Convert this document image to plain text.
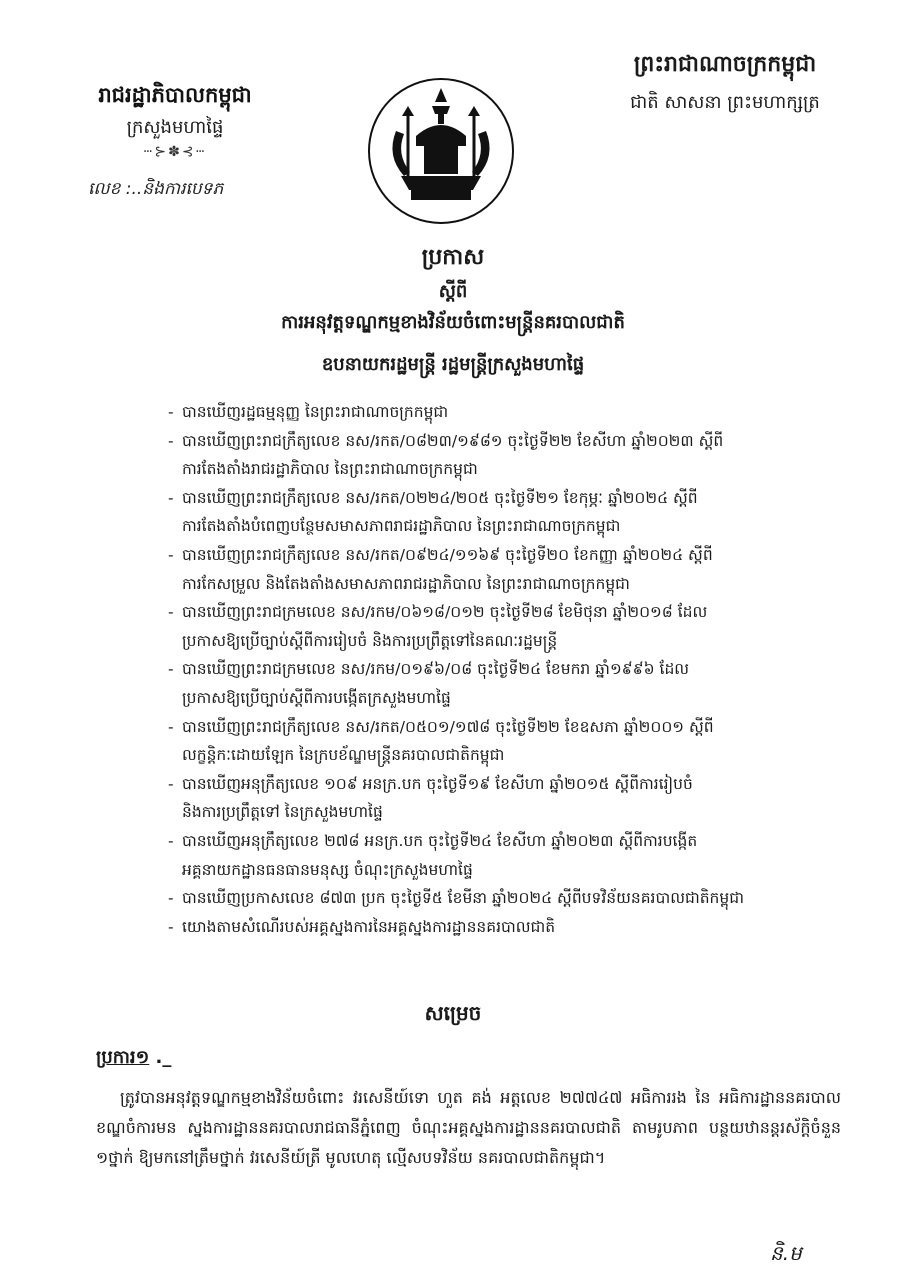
រាជរដ្ឋាភិបាលកម្ពុជា
ក្រសួងមហាផ្ទៃ
ⵈ⊱✽⊰ⵈ
លេខ :..និងការបេទភ
ព្រះរាជាណាចក្រកម្ពុជា
ជាតិ សាសនា ព្រះមហាក្សត្រ
ប្រកាស
ស្តីពី
ការអនុវត្តទណ្ឌកម្មខាងវិន័យចំពោះមន្ត្រីនគរបាលជាតិ
ឧបនាយករដ្ឋមន្ត្រី រដ្ឋមន្ត្រីក្រសួងមហាផ្ទៃ
- បានឃើញរដ្ឋធម្មនុញ្ញ នៃព្រះរាជាណាចក្រកម្ពុជា
- បានឃើញព្រះរាជក្រឹត្យលេខ នស/រកត/០៨២៣/១៩៨១ ចុះថ្ងៃទី២២ ខែសីហា ឆ្នាំ២០២៣ ស្តីពី
ការតែងតាំងរាជរដ្ឋាភិបាល នៃព្រះរាជាណាចក្រកម្ពុជា
- បានឃើញព្រះរាជក្រឹត្យលេខ នស/រកត/០២២៤/២០៥ ចុះថ្ងៃទី២១ ខែកុម្ភៈ ឆ្នាំ២០២៤ ស្តីពី
ការតែងតាំងបំពេញបន្ថែមសមាសភាពរាជរដ្ឋាភិបាល នៃព្រះរាជាណាចក្រកម្ពុជា
- បានឃើញព្រះរាជក្រឹត្យលេខ នស/រកត/០៩២៤/១១៦៩ ចុះថ្ងៃទី២០ ខែកញ្ញា ឆ្នាំ២០២៤ ស្តីពី
ការកែសម្រួល និងតែងតាំងសមាសភាពរាជរដ្ឋាភិបាល នៃព្រះរាជាណាចក្រកម្ពុជា
- បានឃើញព្រះរាជក្រមលេខ នស/រកម/០៦១៨/០១២ ចុះថ្ងៃទី២៨ ខែមិថុនា ឆ្នាំ២០១៨ ដែល
ប្រកាសឱ្យប្រើច្បាប់ស្តីពីការរៀបចំ និងការប្រព្រឹត្តទៅនៃគណៈរដ្ឋមន្ត្រី
- បានឃើញព្រះរាជក្រមលេខ នស/រកម/០១៩៦/០៨ ចុះថ្ងៃទី២៤ ខែមករា ឆ្នាំ១៩៩៦ ដែល
ប្រកាសឱ្យប្រើច្បាប់ស្តីពីការបង្កើតក្រសួងមហាផ្ទៃ
- បានឃើញព្រះរាជក្រឹត្យលេខ នស/រកត/០៥០១/១៧៨ ចុះថ្ងៃទី២២ ខែឧសភា ឆ្នាំ២០០១ ស្តីពី
លក្ខន្តិកៈដោយឡែក នៃក្របខ័ណ្ឌមន្ត្រីនគរបាលជាតិកម្ពុជា
- បានឃើញអនុក្រឹត្យលេខ ១០៩ អនក្រ.បក ចុះថ្ងៃទី១៩ ខែសីហា ឆ្នាំ២០១៥ ស្តីពីការរៀបចំ
និងការប្រព្រឹត្តទៅ នៃក្រសួងមហាផ្ទៃ
- បានឃើញអនុក្រឹត្យលេខ ២៧៨ អនក្រ.បក ចុះថ្ងៃទី២៤ ខែសីហា ឆ្នាំ២០២៣ ស្តីពីការបង្កើត
អគ្គនាយកដ្ឋានធនធានមនុស្ស ចំណុះក្រសួងមហាផ្ទៃ
- បានឃើញប្រកាសលេខ ៨៧៣ ប្រក ចុះថ្ងៃទី៥ ខែមីនា ឆ្នាំ២០២៤ ស្តីពីបទវិន័យនគរបាលជាតិកម្ពុជា
- យោងតាមសំណើរបស់អគ្គស្នងការនៃអគ្គស្នងការដ្ឋាននគរបាលជាតិ
សម្រេច
ប្រការ១ ._
ត្រូវបានអនុវត្តទណ្ឌកម្មខាងវិន័យចំពោះ វរសេនីយ៍ទោ ហួត គង់ អត្តលេខ ២៧៧៤៧ អធិការរង នៃ អធិការដ្ឋាននគរបាលខណ្ឌចំការមន ស្នងការដ្ឋាននគរបាលរាជធានីភ្នំពេញ ចំណុះអគ្គស្នងការដ្ឋាននគរបាលជាតិ តាមរូបភាព បន្ថយឋានន្តរស័ក្តិចំនួន ១ថ្នាក់ ឱ្យមកនៅត្រឹមថ្នាក់ វរសេនីយ៍ត្រី មូលហេតុ ល្មើសបទវិន័យ នគរបាលជាតិកម្ពុជា។
និ.ម
